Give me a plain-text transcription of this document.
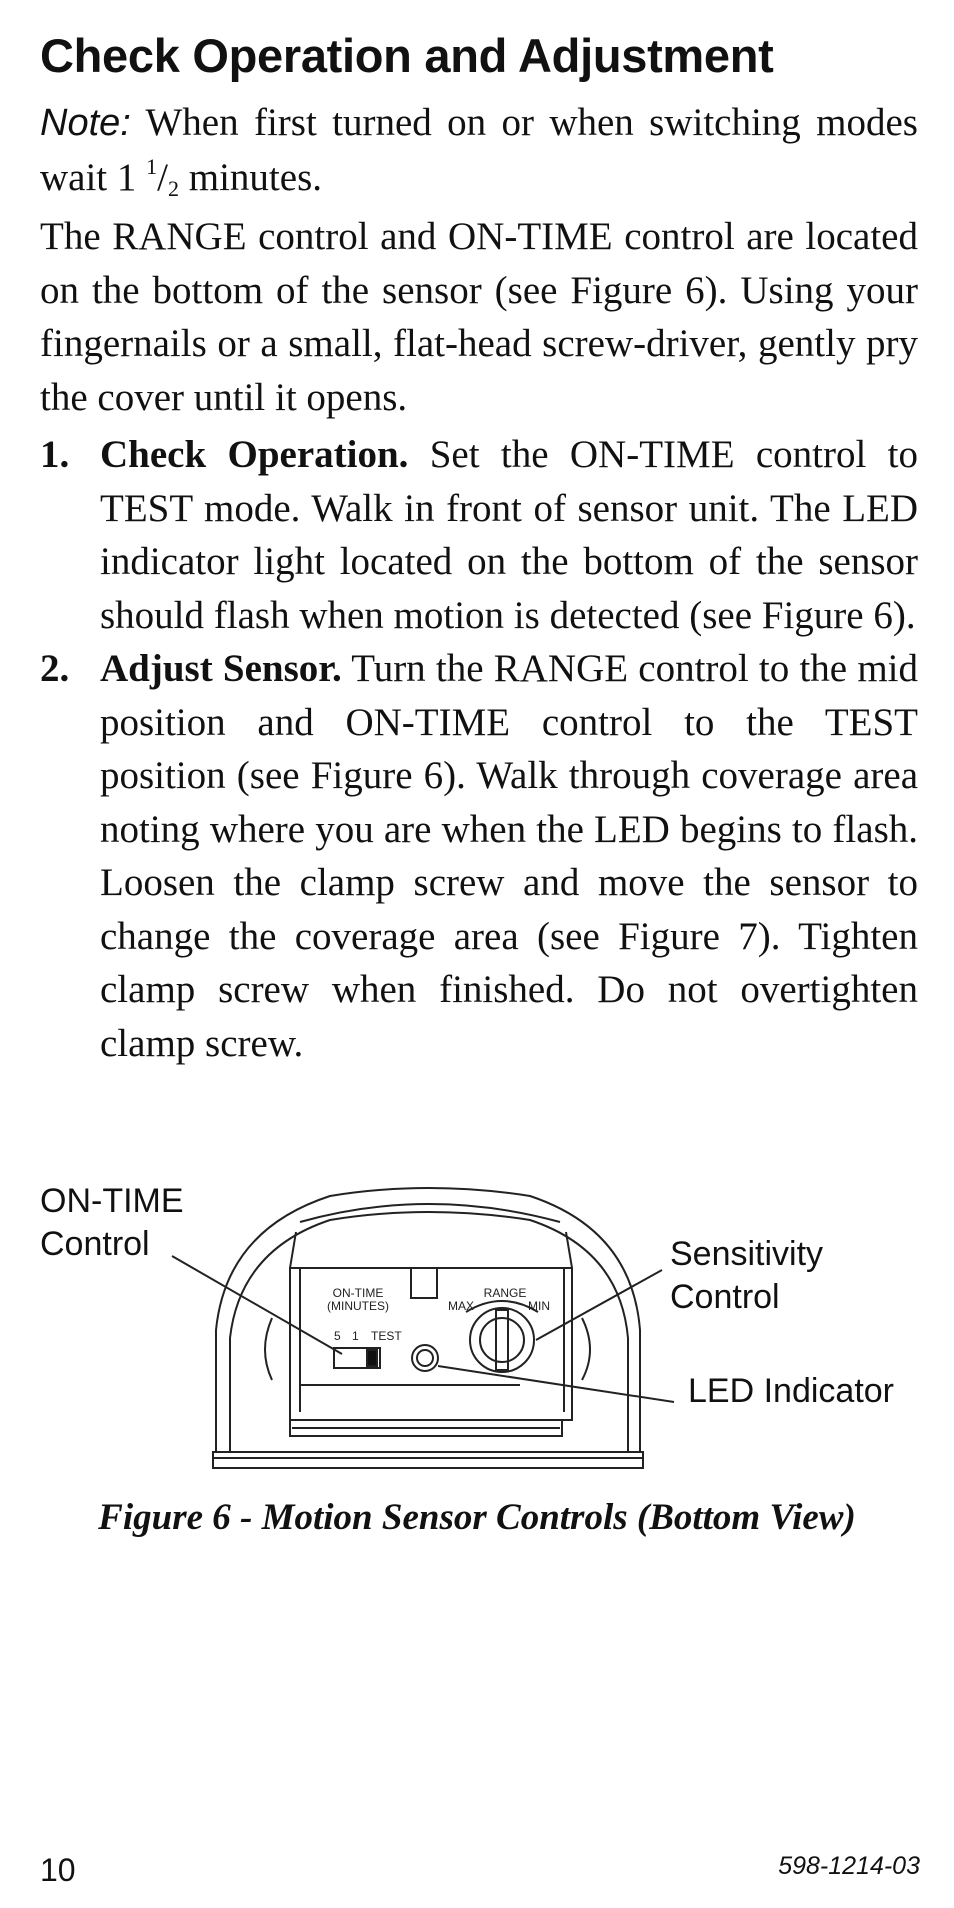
Check Operation and Adjustment
Note: When first turned on or when switching modes wait 1 $^1/_2$ minutes.
The RANGE control and ON-TIME control are located on the bottom of the sensor (see Figure 6). Using your fingernails or a small, flat-head screw-driver, gently pry the cover until it opens.
1. Check Operation. Set the ON-TIME control to TEST mode. Walk in front of sensor unit. The LED indicator light located on the bottom of the sensor should flash when motion is detected (see Figure 6).
2. Adjust Sensor. Turn the RANGE control to the mid position and ON-TIME control to the TEST position (see Figure 6). Walk through coverage area noting where you are when the LED begins to flash. Loosen the clamp screw and move the sensor to change the coverage area (see Figure 7). Tighten clamp screw when finished. Do not overtighten clamp screw.
ON-TIME
(MINUTES)
RANGE
MAX	MIN
5 1 TEST
ON-TIME
Control	Sensitivity
Control
LED Indicator
Figure 6 - Motion Sensor Controls (Bottom View)
10	598-1214-03
